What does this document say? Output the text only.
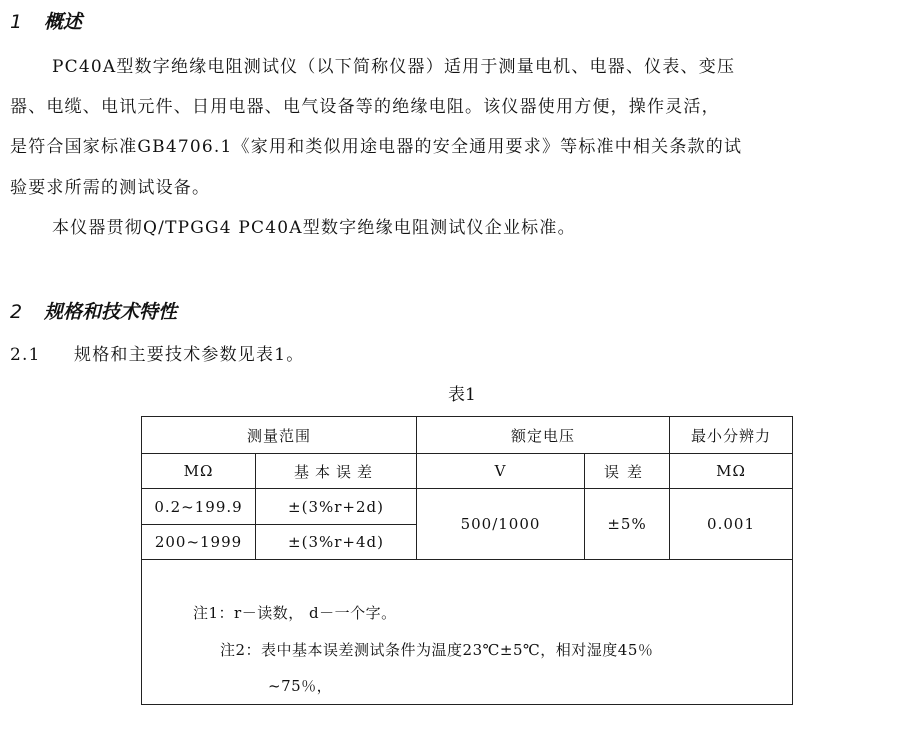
1 概述
PC40A型数字绝缘电阻测试仪（以下简称仪器）适用于测量电机、电器、仪表、变压
器、电缆、电讯元件、日用电器、电气设备等的绝缘电阻。该仪器使用方便，操作灵活，
是符合国家标准GB4706.1《家用和类似用途电器的安全通用要求》等标准中相关条款的试
验要求所需的测试设备。
本仪器贯彻Q/TPGG4 PC40A型数字绝缘电阻测试仪企业标准。
2 规格和技术特性
2.1 规格和主要技术参数见表1。
表1
测量范围		额定电压		最小分辨力
MΩ	基本误差	V	误差	MΩ
0.2~199.9	±(3%r+2d)	500/1000	±5%	0.001
200~1999	±(3%r+4d)			

注1：r－读数， d－一个字。
注2：表中基本误差测试条件为温度23℃±5℃，相对湿度45％
~75％，
